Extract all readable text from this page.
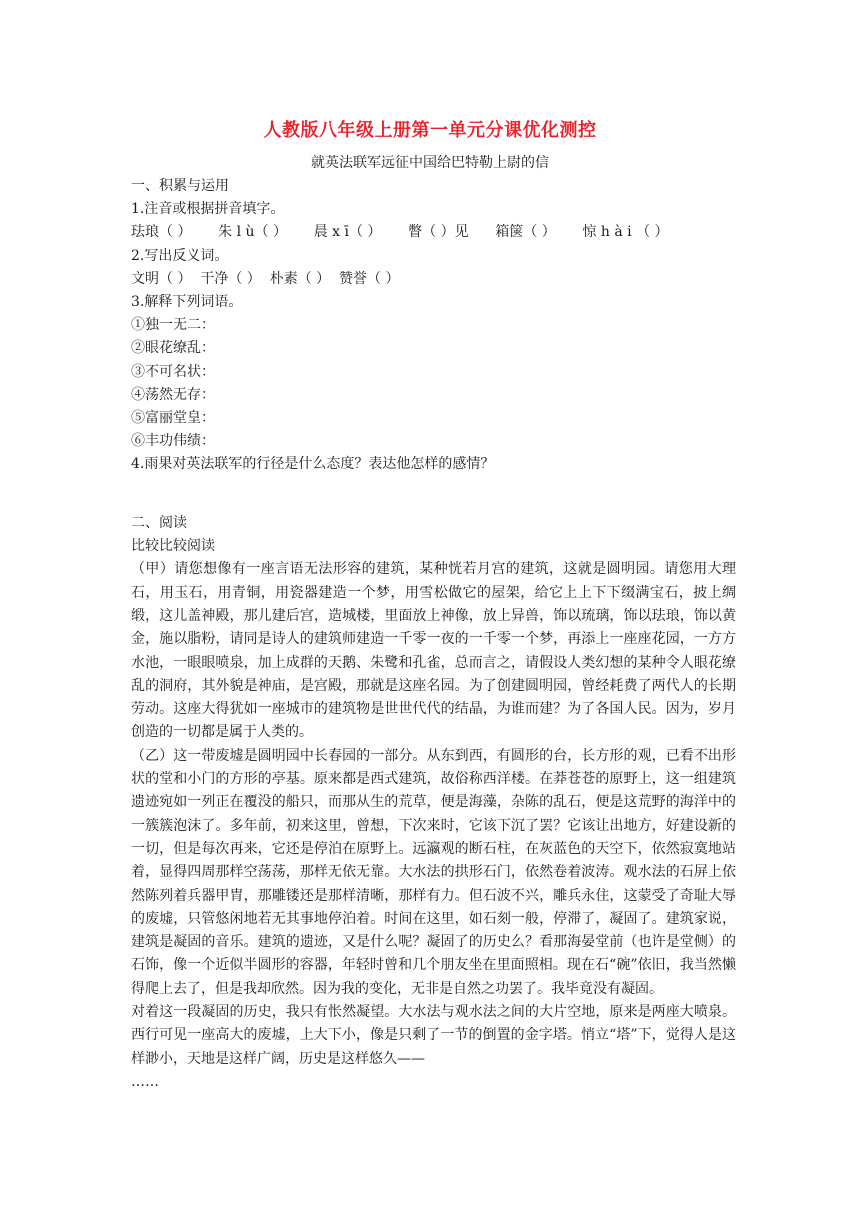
人教版八年级上册第一单元分课优化测控
就英法联军远征中国给巴特勒上尉的信
一、积累与运用
1.注音或根据拼音填字。
珐琅（ ）      朱 l ù（ ）      晨 x ī（ ）      瞥（ ）见      箱箧（ ）      惊 h à i （ ）
2.写出反义词。
文明（ ）  干净（ ）  朴素（ ）  赞誉（ ）
3.解释下列词语。
①独一无二：
②眼花缭乱：
③不可名状：
④荡然无存：
⑤富丽堂皇：
⑥丰功伟绩：
4.雨果对英法联军的行径是什么态度？表达他怎样的感情？
二、阅读
比较比较阅读
（甲）请您想像有一座言语无法形容的建筑，某种恍若月宫的建筑，这就是圆明园。请您用大理石，用玉石，用青铜，用瓷器建造一个梦，用雪松做它的屋架，给它上上下下缀满宝石，披上绸缎，这儿盖神殿，那儿建后宫，造城楼，里面放上神像，放上异兽，饰以琉璃，饰以珐琅，饰以黄金，施以脂粉，请同是诗人的建筑师建造一千零一夜的一千零一个梦，再添上一座座花园，一方方水池，一眼眼喷泉，加上成群的天鹅、朱鹭和孔雀，总而言之，请假设人类幻想的某种令人眼花缭乱的洞府，其外貌是神庙，是宫殿，那就是这座名园。为了创建圆明园，曾经耗费了两代人的长期劳动。这座大得犹如一座城市的建筑物是世世代代的结晶，为谁而建？为了各国人民。因为，岁月创造的一切都是属于人类的。
（乙）这一带废墟是圆明园中长春园的一部分。从东到西，有圆形的台，长方形的观，已看不出形状的堂和小门的方形的亭基。原来都是西式建筑，故俗称西洋楼。在莽苍苍的原野上，这一组建筑遗迹宛如一列正在覆没的船只，而那从生的荒草，便是海藻，杂陈的乱石，便是这荒野的海洋中的一簇簇泡沫了。多年前，初来这里，曾想，下次来时，它该下沉了罢？它该让出地方，好建设新的一切，但是每次再来，它还是停泊在原野上。远瀛观的断石柱，在灰蓝色的天空下，依然寂寞地站着，显得四周那样空荡荡，那样无依无靠。大水法的拱形石门，依然卷着波涛。观水法的石屏上依然陈列着兵器甲胄，那雕镂还是那样清晰，那样有力。但石波不兴，雕兵永住，这蒙受了奇耻大辱的废墟，只管悠闲地若无其事地停泊着。时间在这里，如石刻一般，停滞了，凝固了。建筑家说，建筑是凝固的音乐。建筑的遗迹，又是什么呢？凝固了的历史么？看那海晏堂前（也许是堂侧）的石饰，像一个近似半圆形的容器，年轻时曾和几个朋友坐在里面照相。现在石“碗”依旧，我当然懒得爬上去了，但是我却欣然。因为我的变化，无非是自然之功罢了。我毕竟没有凝固。
对着这一段凝固的历史，我只有怅然凝望。大水法与观水法之间的大片空地，原来是两座大喷泉。西行可见一座高大的废墟，上大下小，像是只剩了一节的倒置的金字塔。悄立“塔”下，觉得人是这样渺小，天地是这样广阔，历史是这样悠久——
……
